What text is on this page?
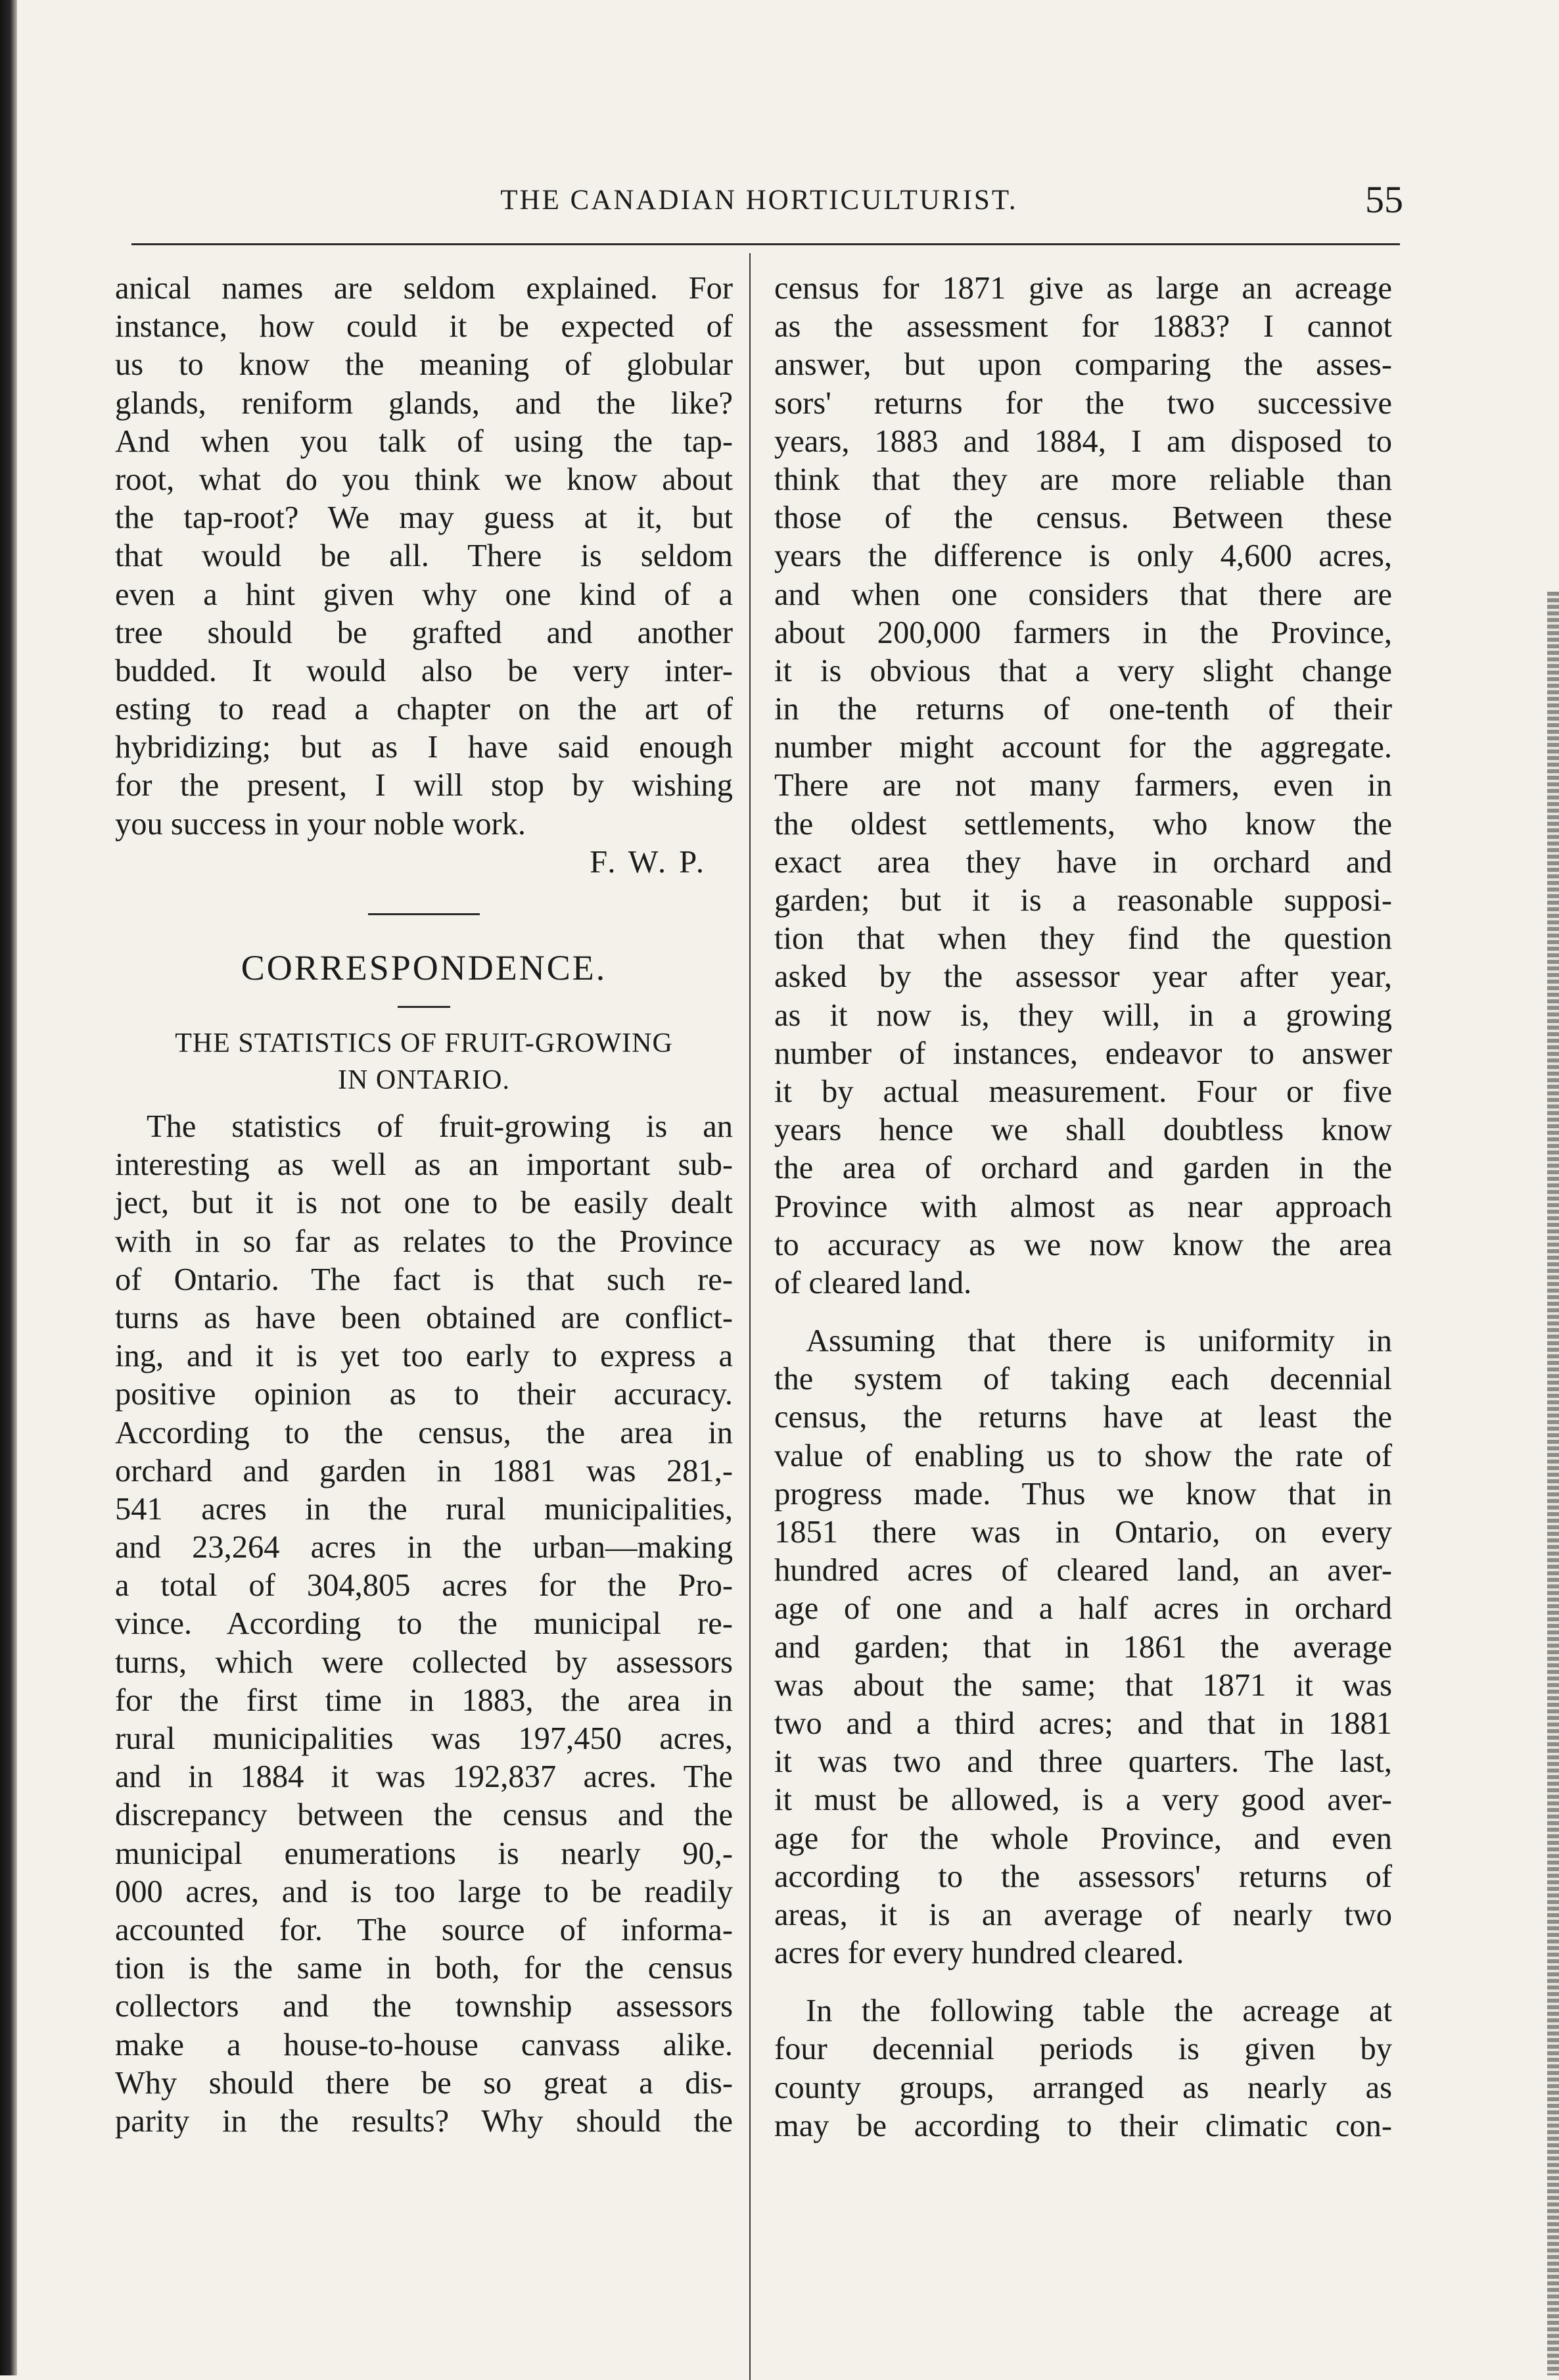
THE CANADIAN HORTICULTURIST.	55
anical names are seldom explained. For
instance, how could it be expected of
us to know the meaning of globular
glands, reniform glands, and the like?
And when you talk of using the tap-
root, what do you think we know about
the tap-root? We may guess at it, but
that would be all. There is seldom
even a hint given why one kind of a
tree should be grafted and another
budded. It would also be very inter-
esting to read a chapter on the art of
hybridizing; but as I have said enough
for the present, I will stop by wishing
you success in your noble work.
F. W. P.
CORRESPONDENCE.
THE STATISTICS OF FRUIT-GROWING
IN ONTARIO.
The statistics of fruit-growing is an
interesting as well as an important sub-
ject, but it is not one to be easily dealt
with in so far as relates to the Province
of Ontario. The fact is that such re-
turns as have been obtained are conflict-
ing, and it is yet too early to express a
positive opinion as to their accuracy.
According to the census, the area in
orchard and garden in 1881 was 281,-
541 acres in the rural municipalities,
and 23,264 acres in the urban—making
a total of 304,805 acres for the Pro-
vince. According to the municipal re-
turns, which were collected by assessors
for the first time in 1883, the area in
rural municipalities was 197,450 acres,
and in 1884 it was 192,837 acres. The
discrepancy between the census and the
municipal enumerations is nearly 90,-
000 acres, and is too large to be readily
accounted for. The source of informa-
tion is the same in both, for the census
collectors and the township assessors
make a house-to-house canvass alike.
Why should there be so great a dis-
parity in the results? Why should the
census for 1871 give as large an acreage
as the assessment for 1883? I cannot
answer, but upon comparing the asses-
sors' returns for the two successive
years, 1883 and 1884, I am disposed to
think that they are more reliable than
those of the census. Between these
years the difference is only 4,600 acres,
and when one considers that there are
about 200,000 farmers in the Province,
it is obvious that a very slight change
in the returns of one-tenth of their
number might account for the aggregate.
There are not many farmers, even in
the oldest settlements, who know the
exact area they have in orchard and
garden; but it is a reasonable supposi-
tion that when they find the question
asked by the assessor year after year,
as it now is, they will, in a growing
number of instances, endeavor to answer
it by actual measurement. Four or five
years hence we shall doubtless know
the area of orchard and garden in the
Province with almost as near approach
to accuracy as we now know the area
of cleared land.
Assuming that there is uniformity in
the system of taking each decennial
census, the returns have at least the
value of enabling us to show the rate of
progress made. Thus we know that in
1851 there was in Ontario, on every
hundred acres of cleared land, an aver-
age of one and a half acres in orchard
and garden; that in 1861 the average
was about the same; that 1871 it was
two and a third acres; and that in 1881
it was two and three quarters. The last,
it must be allowed, is a very good aver-
age for the whole Province, and even
according to the assessors' returns of
areas, it is an average of nearly two
acres for every hundred cleared.
In the following table the acreage at
four decennial periods is given by
county groups, arranged as nearly as
may be according to their climatic con-
